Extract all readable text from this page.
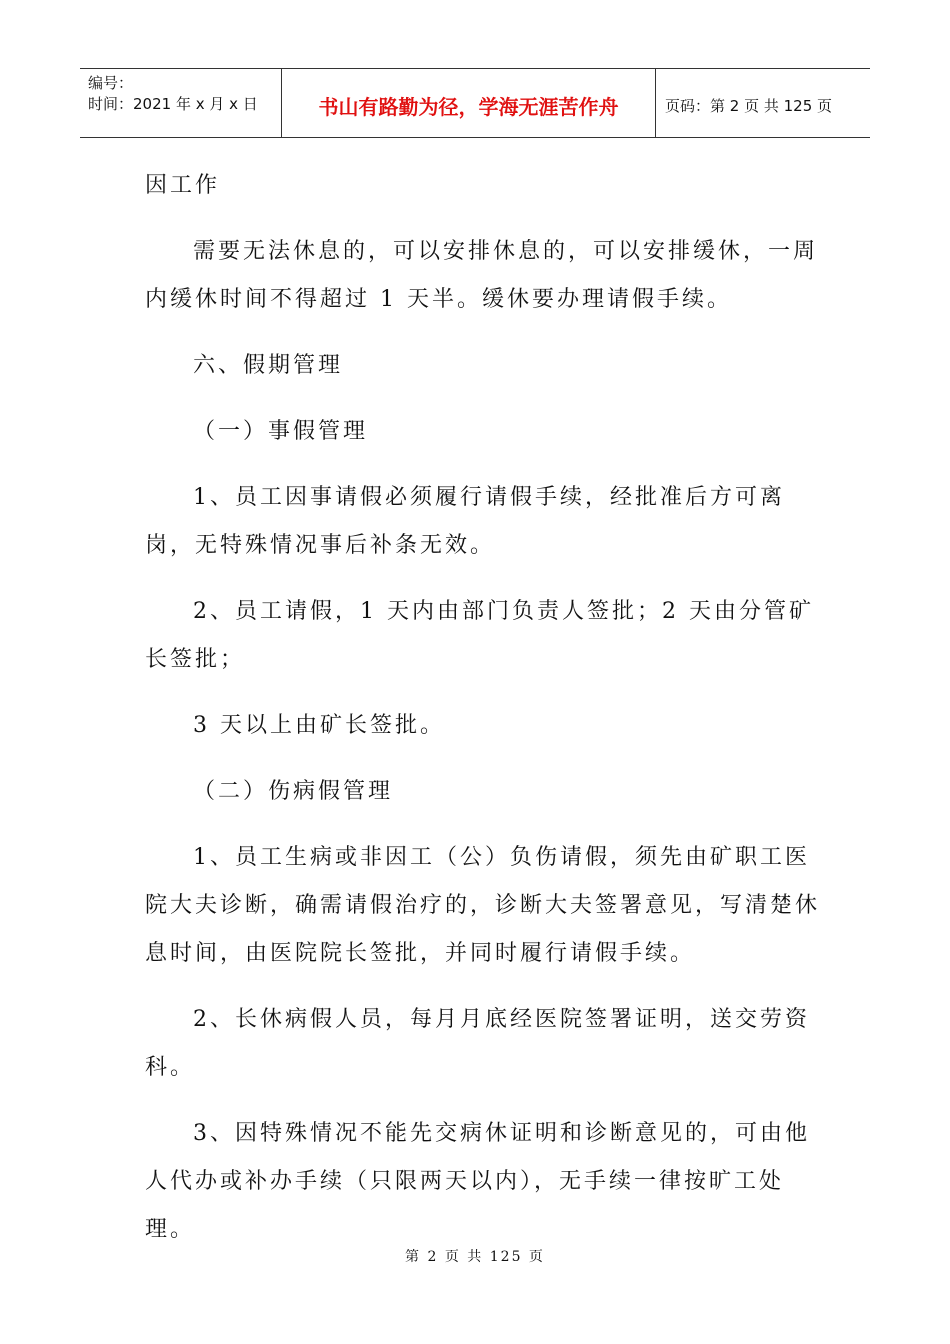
编号：
时间：2021 年 x 月 x 日	书山有路勤为径，学海无涯苦作舟	页码：第 2 页 共 125 页

因工作

需要无法休息的，可以安排休息的，可以安排缓休，一周内缓休时间不得超过 1 天半。缓休要办理请假手续。

六、假期管理

（一）事假管理

1、员工因事请假必须履行请假手续，经批准后方可离岗，无特殊情况事后补条无效。

2、员工请假，1 天内由部门负责人签批；2 天由分管矿长签批；

3 天以上由矿长签批。

（二）伤病假管理

1、员工生病或非因工（公）负伤请假，须先由矿职工医院大夫诊断，确需请假治疗的，诊断大夫签署意见，写清楚休息时间，由医院院长签批，并同时履行请假手续。

2、长休病假人员，每月月底经医院签署证明，送交劳资科。

3、因特殊情况不能先交病休证明和诊断意见的，可由他人代办或补办手续（只限两天以内），无手续一律按旷工处理。

第 2 页 共 125 页
